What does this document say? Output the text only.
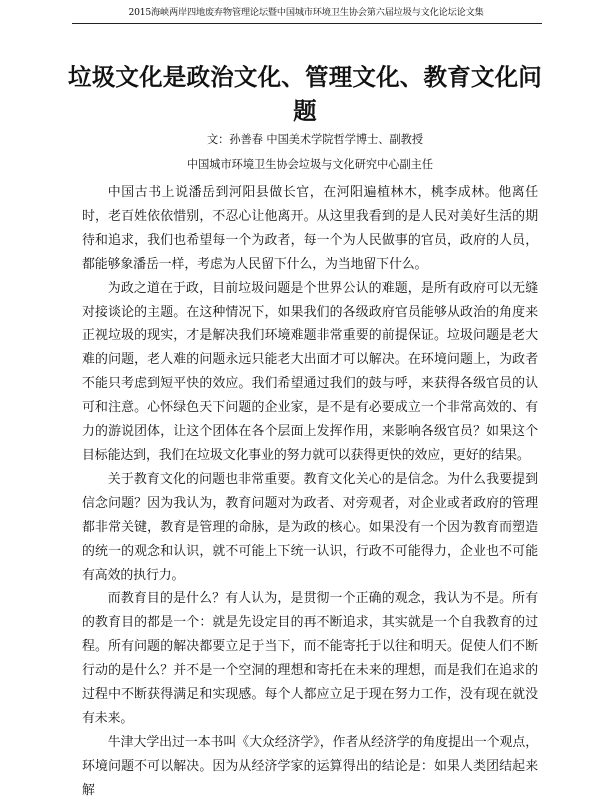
2015海峡两岸四地废弃物管理论坛暨中国城市环境卫生协会第六届垃圾与文化论坛论文集
垃圾文化是政治文化、管理文化、教育文化问题
文：孙善春 中国美术学院哲学博士、副教授
中国城市环境卫生协会垃圾与文化研究中心副主任

中国古书上说潘岳到河阳县做长官，在河阳遍植林木，桃李成林。他离任时，老百姓依依惜别，不忍心让他离开。从这里我看到的是人民对美好生活的期待和追求，我们也希望每一个为政者，每一个为人民做事的官员，政府的人员，都能够象潘岳一样，考虑为人民留下什么，为当地留下什么。

为政之道在于政，目前垃圾问题是个世界公认的难题，是所有政府可以无缝对接谈论的主题。在这种情况下，如果我们的各级政府官员能够从政治的角度来正视垃圾的现实，才是解决我们环境难题非常重要的前提保证。垃圾问题是老大难的问题，老人难的问题永远只能老大出面才可以解决。在环境问题上，为政者不能只考虑到短平快的效应。我们希望通过我们的鼓与呼，来获得各级官员的认可和注意。心怀绿色天下问题的企业家，是不是有必要成立一个非常高效的、有力的游说团体，让这个团体在各个层面上发挥作用，来影响各级官员？如果这个目标能达到，我们在垃圾文化事业的努力就可以获得更快的效应，更好的结果。

关于教育文化的问题也非常重要。教育文化关心的是信念。为什么我要提到信念问题？因为我认为，教育问题对为政者、对旁观者，对企业或者政府的管理都非常关键，教育是管理的命脉，是为政的核心。如果没有一个因为教育而塑造的统一的观念和认识，就不可能上下统一认识，行政不可能得力，企业也不可能有高效的执行力。

而教育目的是什么？有人认为，是贯彻一个正确的观念，我认为不是。所有的教育目的都是一个：就是先设定目的再不断追求，其实就是一个自我教育的过程。所有问题的解决都要立足于当下，而不能寄托于以往和明天。促使人们不断行动的是什么？并不是一个空洞的理想和寄托在未来的理想，而是我们在追求的过程中不断获得满足和实现感。每个人都应立足于现在努力工作，没有现在就没有未来。

牛津大学出过一本书叫《大众经济学》，作者从经济学的角度提出一个观点，环境问题不可以解决。因为从经济学家的运算得出的结论是：如果人类团结起来解
